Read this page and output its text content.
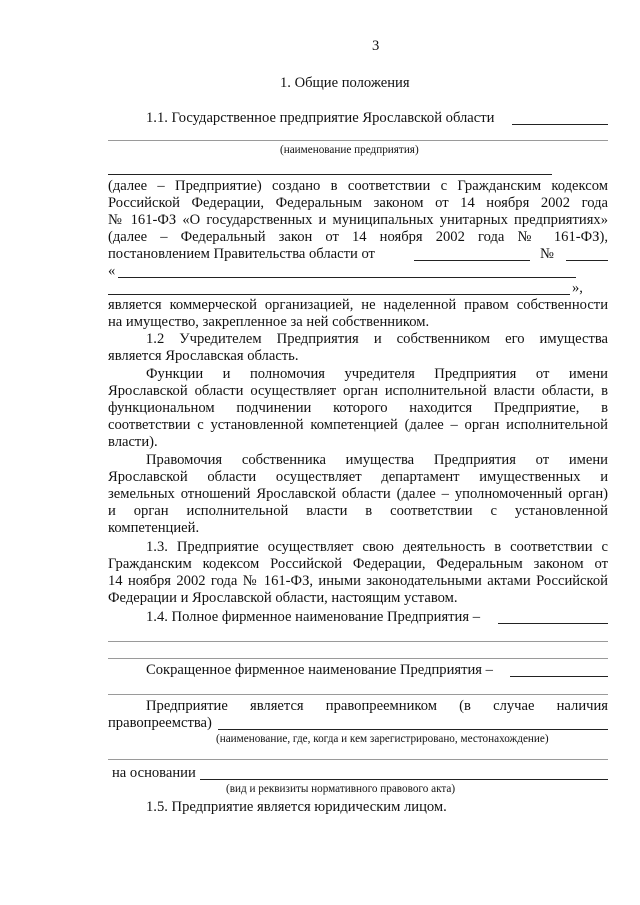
3
1. Общие положения
1.1. Государственное предприятие Ярославской области
(наименование предприятия)
(далее – Предприятие) создано в соответствии с Гражданским кодексом
Российской Федерации, Федеральным законом от 14 ноября 2002 года
№ 161-ФЗ «О государственных и муниципальных унитарных предприятиях»
(далее – Федеральный закон от 14 ноября 2002 года № 161-ФЗ),
постановлением Правительства области от	№
«
»,
является коммерческой организацией, не наделенной правом собственности
на имущество, закрепленное за ней собственником.
1.2 Учредителем Предприятия и собственником его имущества
является Ярославская область.
Функции и полномочия учредителя Предприятия от имени
Ярославской области осуществляет орган исполнительной власти области, в
функциональном подчинении которого находится Предприятие, в
соответствии с установленной компетенцией (далее – орган исполнительной
власти).
Правомочия собственника имущества Предприятия от имени
Ярославской области осуществляет департамент имущественных и
земельных отношений Ярославской области (далее – уполномоченный орган)
и орган исполнительной власти в соответствии с установленной
компетенцией.
1.3. Предприятие осуществляет свою деятельность в соответствии с
Гражданским кодексом Российской Федерации, Федеральным законом от
14 ноября 2002 года № 161-ФЗ, иными законодательными актами Российской
Федерации и Ярославской области, настоящим уставом.
1.4. Полное фирменное наименование Предприятия –
Сокращенное фирменное наименование Предприятия –
Предприятие является правопреемником (в случае наличия
правопреемства)
(наименование, где, когда и кем зарегистрировано, местонахождение)
на основании
(вид и реквизиты нормативного правового акта)
1.5. Предприятие является юридическим лицом.
